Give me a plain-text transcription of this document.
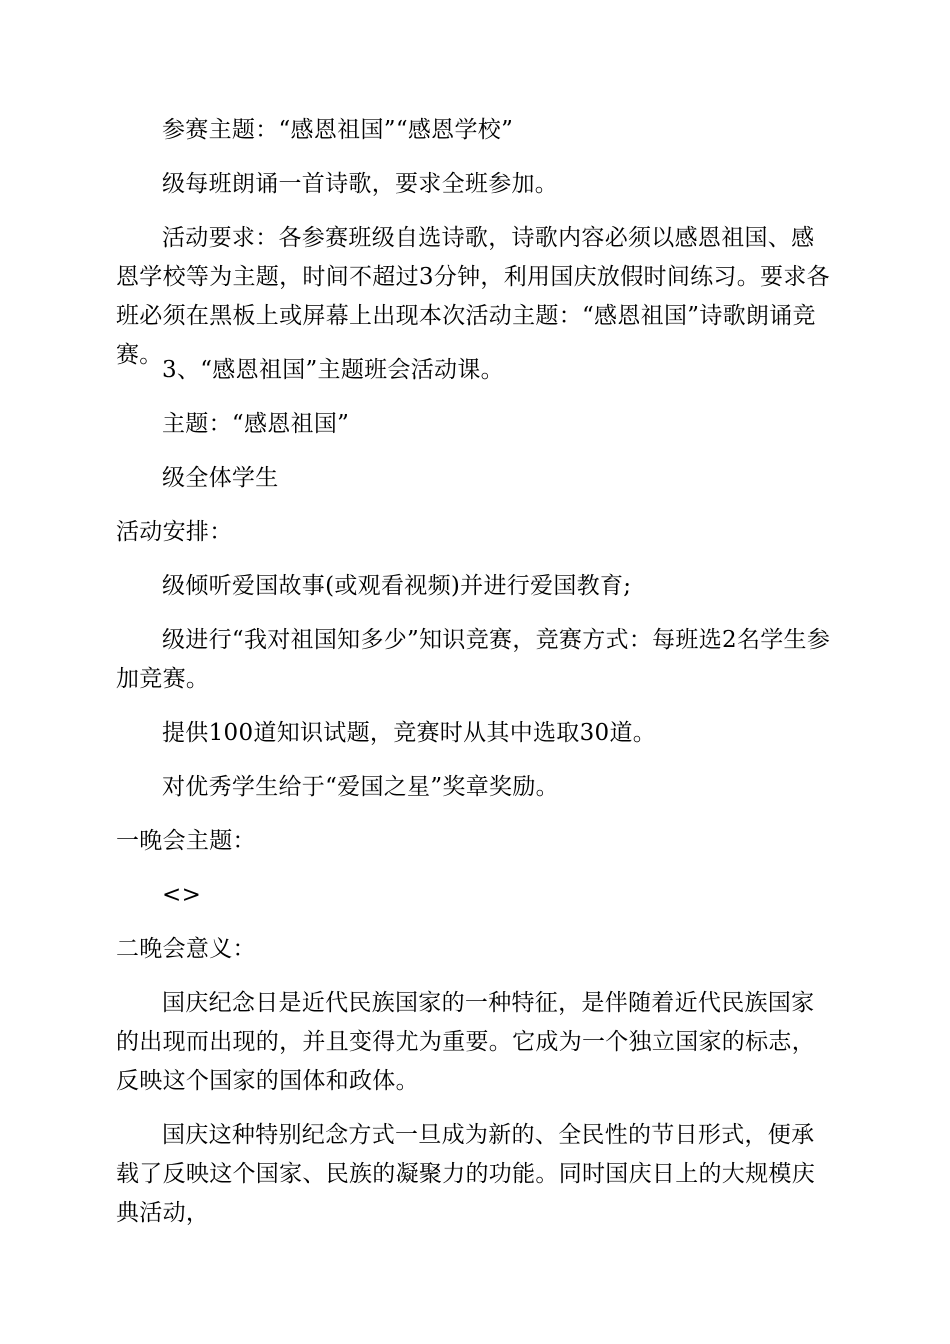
参赛主题：“感恩祖国”“感恩学校”

级每班朗诵一首诗歌，要求全班参加。

活动要求：各参赛班级自选诗歌，诗歌内容必须以感恩祖国、感恩学校等为主题，时间不超过3分钟，利用国庆放假时间练习。要求各班必须在黑板上或屏幕上出现本次活动主题：“感恩祖国”诗歌朗诵竞赛。

3、“感恩祖国”主题班会活动课。

主题：“感恩祖国”

级全体学生

活动安排：

级倾听爱国故事(或观看视频)并进行爱国教育;

级进行“我对祖国知多少”知识竞赛，竞赛方式：每班选2名学生参加竞赛。

提供100道知识试题，竞赛时从其中选取30道。

对优秀学生给于“爱国之星”奖章奖励。

一晚会主题：

<>

二晚会意义：

国庆纪念日是近代民族国家的一种特征，是伴随着近代民族国家的出现而出现的，并且变得尤为重要。它成为一个独立国家的标志，反映这个国家的国体和政体。

国庆这种特别纪念方式一旦成为新的、全民性的节日形式，便承载了反映这个国家、民族的凝聚力的功能。同时国庆日上的大规模庆典活动，
